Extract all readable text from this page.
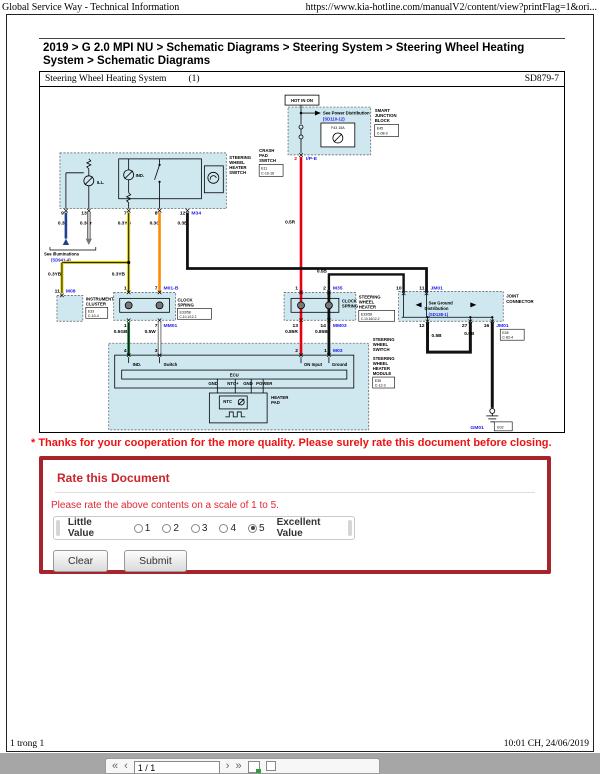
Global Service Way - Technical Information	https://www.kia-hotline.com/manualV2/content/view?printFlag=1&ori...
2019 > G 2.0 MPI NU > Schematic Diagrams > Steering System > Steering Wheel Heating System > Schematic Diagrams
Steering Wheel Heating System (1)	SD879-7
HOT IN ON
See Power Distribution
(SD110-12)
F43 15A
SMART
JUNCTION
BLOCK
E45
C-08-3
2 I/P-E
ILL.
IND.
STEERING
WHEEL
HEATER
SWITCH
CRASH
PAD
SWITCH
E11
C-10-16
9	13	7	8	12 M34
0.3L	0.3Gr	0.3YB	0.3O	0.3B
See Illuminations
(SD941-4)
0.5R
0.3YB	0.3YB
0.5B
0.5GB	0.5W	0.85R	0.85B
0.5B	0.5B
11 M08
INSTRUMENT
CLUSTER
E33
C-10-4
1	7 M01-B
CLOCK
SPRING
E33/58
C-10-1/12-2
1	7 MM01
1	2 M35
CLOCK
SPRING
STEERING
WHEEL
HEATER
E33/58
C-10-16/12-2
13	14 MM03
10	11 JM01
See Ground
Distribution
(SD138-1)
JOINT
CONNECTOR
12	27	16 JM01
E45
C-82-4
GM01	E02
4	3	2	1 M03
IND.	Switch	ON Input Ground
ECU
GND NTC+ GND POWER
NTC
HEATER
PAD
STEERING
WHEEL
SWITCH
STEERING
WHEEL
HEATER
MODULE
E35
C-12-3
* Thanks for your cooperation for the more quality. Please surely rate this document before closing.
Rate this Document
Please rate the above contents on a scale of 1 to 5.
Little Value	1 2 3 4 5 Excellent Value
Clear	Submit
1 trong 1	10:01 CH, 24/06/2019
« ‹
1 / 1	› »
